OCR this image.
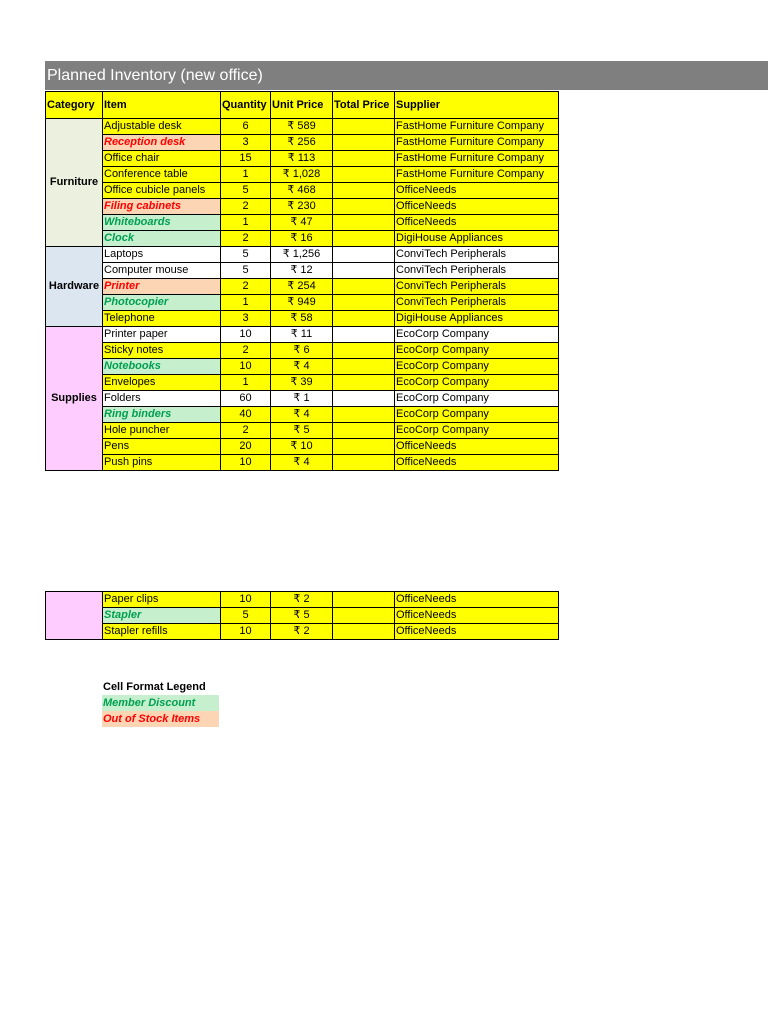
Planned Inventory (new office)
Category	Item	Quantity	Unit Price	Total Price	Supplier
Furniture	Adjustable desk	6	₹ 589		FastHome Furniture Company
	Reception desk	3	₹ 256		FastHome Furniture Company
	Office chair	15	₹ 113		FastHome Furniture Company
	Conference table	1	₹ 1,028		FastHome Furniture Company
	Office cubicle panels	5	₹ 468		OfficeNeeds
	Filing cabinets	2	₹ 230		OfficeNeeds
	Whiteboards	1	₹ 47		OfficeNeeds
	Clock	2	₹ 16		DigiHouse Appliances
Hardware	Laptops	5	₹ 1,256		ConviTech Peripherals
	Computer mouse	5	₹ 12		ConviTech Peripherals
	Printer	2	₹ 254		ConviTech Peripherals
	Photocopier	1	₹ 949		ConviTech Peripherals
	Telephone	3	₹ 58		DigiHouse Appliances
Supplies	Printer paper	10	₹ 11		EcoCorp Company
	Sticky notes	2	₹ 6		EcoCorp Company
	Notebooks	10	₹ 4		EcoCorp Company
	Envelopes	1	₹ 39		EcoCorp Company
	Folders	60	₹ 1		EcoCorp Company
	Ring binders	40	₹ 4		EcoCorp Company
	Hole puncher	2	₹ 5		EcoCorp Company
	Pens	20	₹ 10		OfficeNeeds
	Push pins	10	₹ 4		OfficeNeeds
	Paper clips	10	₹ 2		OfficeNeeds
	Stapler	5	₹ 5		OfficeNeeds
	Stapler refills	10	₹ 2		OfficeNeeds
Cell Format Legend
Member Discount
Out of Stock Items
